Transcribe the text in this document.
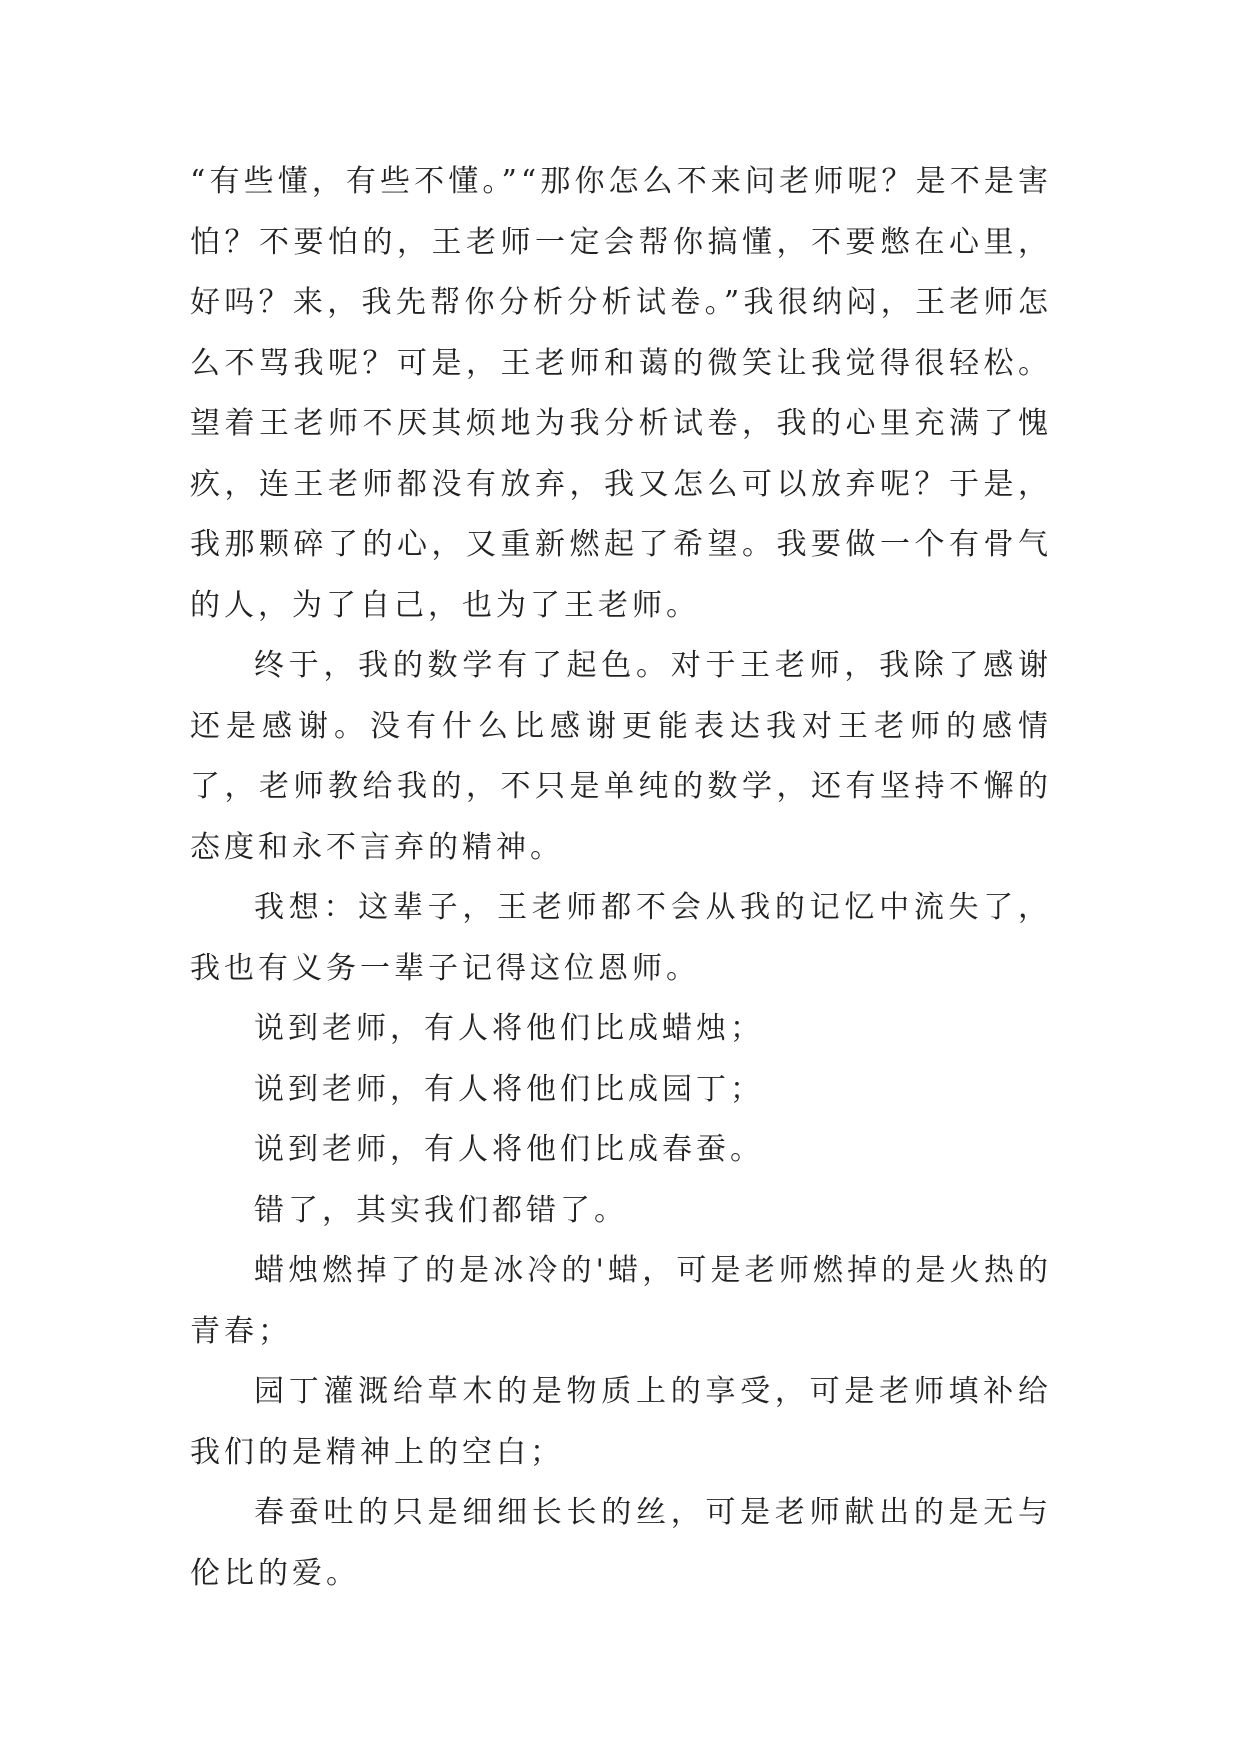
“有些懂，有些不懂。”“那你怎么不来问老师呢？是不是害怕？不要怕的，王老师一定会帮你搞懂，不要憋在心里，好吗？来，我先帮你分析分析试卷。”我很纳闷，王老师怎么不骂我呢？可是，王老师和蔼的微笑让我觉得很轻松。望着王老师不厌其烦地为我分析试卷，我的心里充满了愧疚，连王老师都没有放弃，我又怎么可以放弃呢？于是，我那颗碎了的心，又重新燃起了希望。我要做一个有骨气的人，为了自己，也为了王老师。

终于，我的数学有了起色。对于王老师，我除了感谢还是感谢。没有什么比感谢更能表达我对王老师的感情了，老师教给我的，不只是单纯的数学，还有坚持不懈的态度和永不言弃的精神。

我想：这辈子，王老师都不会从我的记忆中流失了，我也有义务一辈子记得这位恩师。

说到老师，有人将他们比成蜡烛；

说到老师，有人将他们比成园丁；

说到老师，有人将他们比成春蚕。

错了，其实我们都错了。

蜡烛燃掉了的是冰冷的'蜡，可是老师燃掉的是火热的青春；

园丁灌溉给草木的是物质上的享受，可是老师填补给我们的是精神上的空白；

春蚕吐的只是细细长长的丝，可是老师献出的是无与伦比的爱。
